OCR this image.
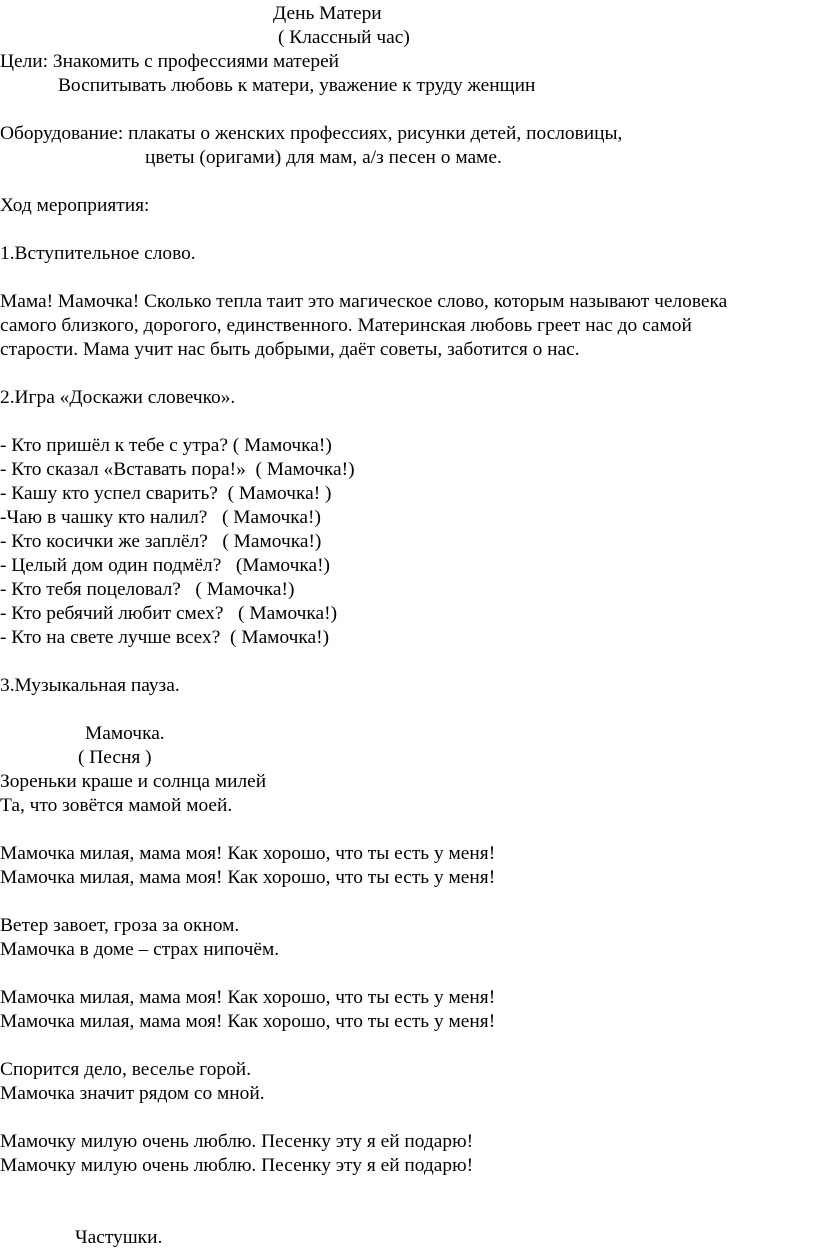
День Матери
( Классный час)
Цели: Знакомить с профессиями матерей
Воспитывать любовь к матери, уважение к труду женщин
Оборудование: плакаты о женских профессиях, рисунки детей, пословицы,
цветы (оригами) для мам, а/з песен о маме.
Ход мероприятия:
1.Вступительное слово.
Мама! Мамочка! Сколько тепла таит это магическое слово, которым называют человека
самого близкого, дорогого, единственного. Материнская любовь греет нас до самой
старости. Мама учит нас быть добрыми, даёт советы, заботится о нас.
2.Игра «Доскажи словечко».
- Кто пришёл к тебе с утра? ( Мамочка!)
- Кто сказал «Вставать пора!»  ( Мамочка!)
- Кашу кто успел сварить?  ( Мамочка! )
-Чаю в чашку кто налил?   ( Мамочка!)
- Кто косички же заплёл?   ( Мамочка!)
- Целый дом один подмёл?   (Мамочка!)
- Кто тебя поцеловал?   ( Мамочка!)
- Кто ребячий любит смех?   ( Мамочка!)
- Кто на свете лучше всех?  ( Мамочка!)
3.Музыкальная пауза.
Мамочка.
( Песня )
Зореньки краше и солнца милей
Та, что зовётся мамой моей.
Мамочка милая, мама моя! Как хорошо, что ты есть у меня!
Мамочка милая, мама моя! Как хорошо, что ты есть у меня!
Ветер завоет, гроза за окном.
Мамочка в доме – страх нипочём.
Мамочка милая, мама моя! Как хорошо, что ты есть у меня!
Мамочка милая, мама моя! Как хорошо, что ты есть у меня!
Спорится дело, веселье горой.
Мамочка значит рядом со мной.
Мамочку милую очень люблю. Песенку эту я ей подарю!
Мамочку милую очень люблю. Песенку эту я ей подарю!
Частушки.
